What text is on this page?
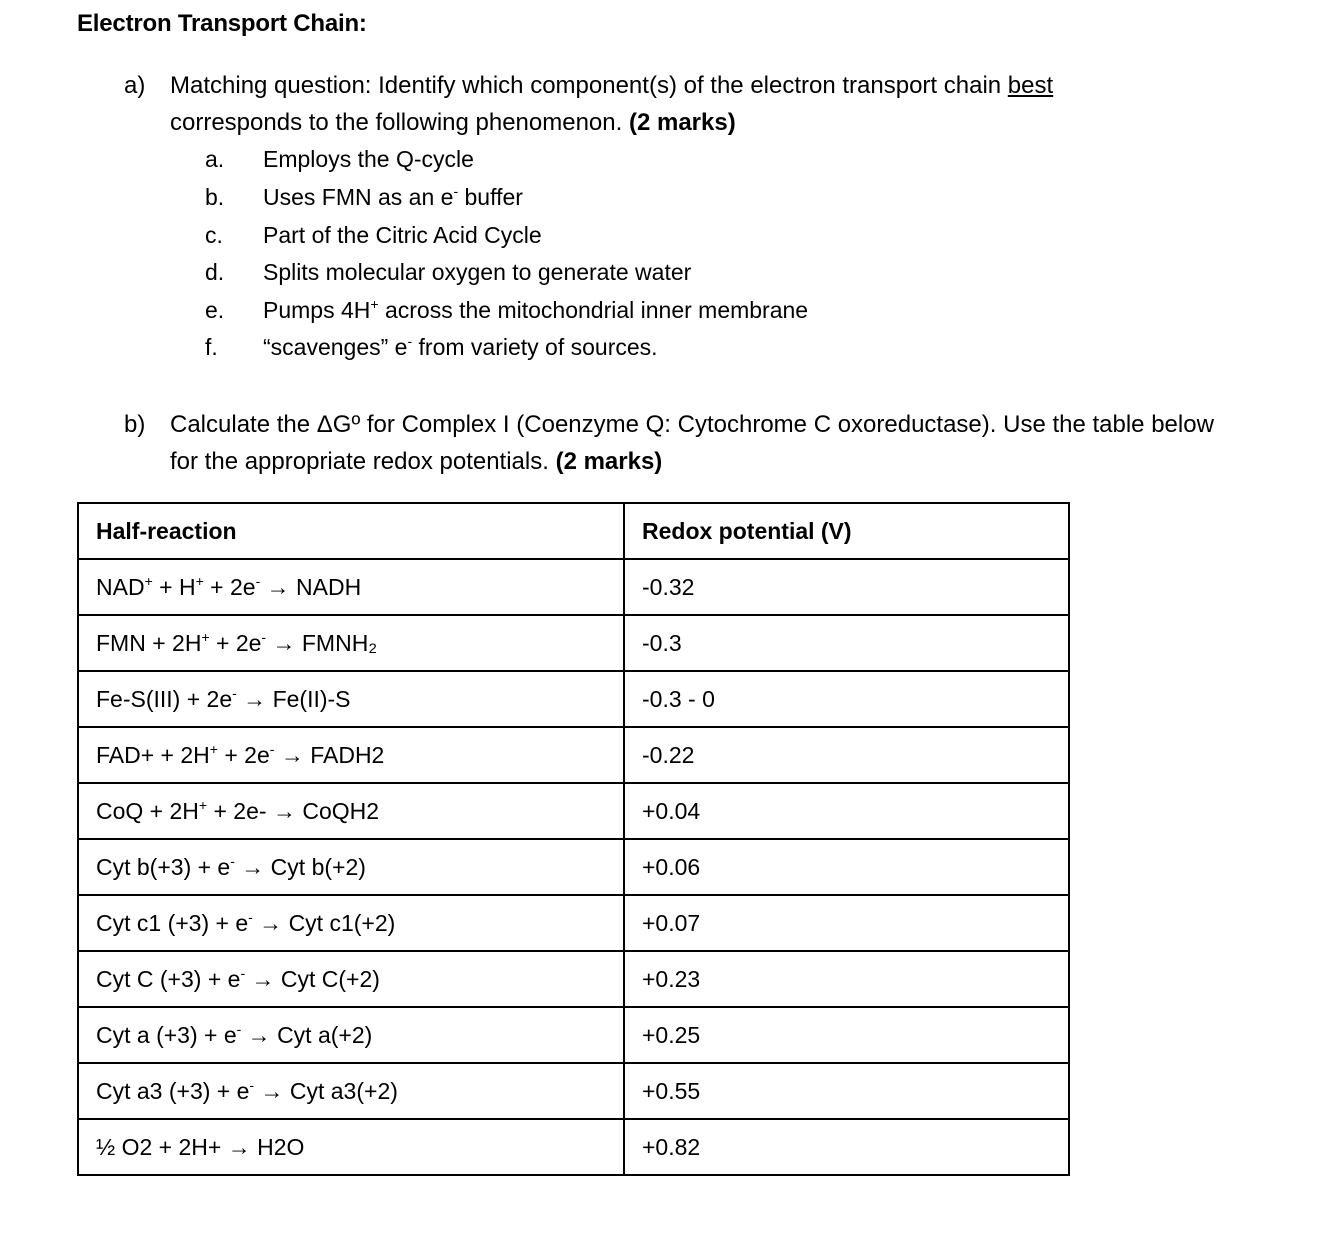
Electron Transport Chain:
a) Matching question: Identify which component(s) of the electron transport chain best
corresponds to the following phenomenon. (2 marks)
a. Employs the Q-cycle
b. Uses FMN as an e- buffer
c. Part of the Citric Acid Cycle
d. Splits molecular oxygen to generate water
e. Pumps 4H+ across the mitochondrial inner membrane
f. “scavenges” e- from variety of sources.
b) Calculate the ΔGº for Complex I (Coenzyme Q: Cytochrome C oxoreductase). Use the table below
for the appropriate redox potentials. (2 marks)
Half-reaction	Redox potential (V)
NAD+ + H+ + 2e- → NADH	-0.32
FMN + 2H+ + 2e- → FMNH₂	-0.3
Fe-S(III) + 2e- → Fe(II)-S	-0.3 - 0
FAD+ + 2H+ + 2e- → FADH2	-0.22
CoQ + 2H+ + 2e- → CoQH2	+0.04
Cyt b(+3) + e- → Cyt b(+2)	+0.06
Cyt c1 (+3) + e- → Cyt c1(+2)	+0.07
Cyt C (+3) + e- → Cyt C(+2)	+0.23
Cyt a (+3) + e- → Cyt a(+2)	+0.25
Cyt a3 (+3) + e- → Cyt a3(+2)	+0.55
½ O2 + 2H+ → H2O	+0.82
